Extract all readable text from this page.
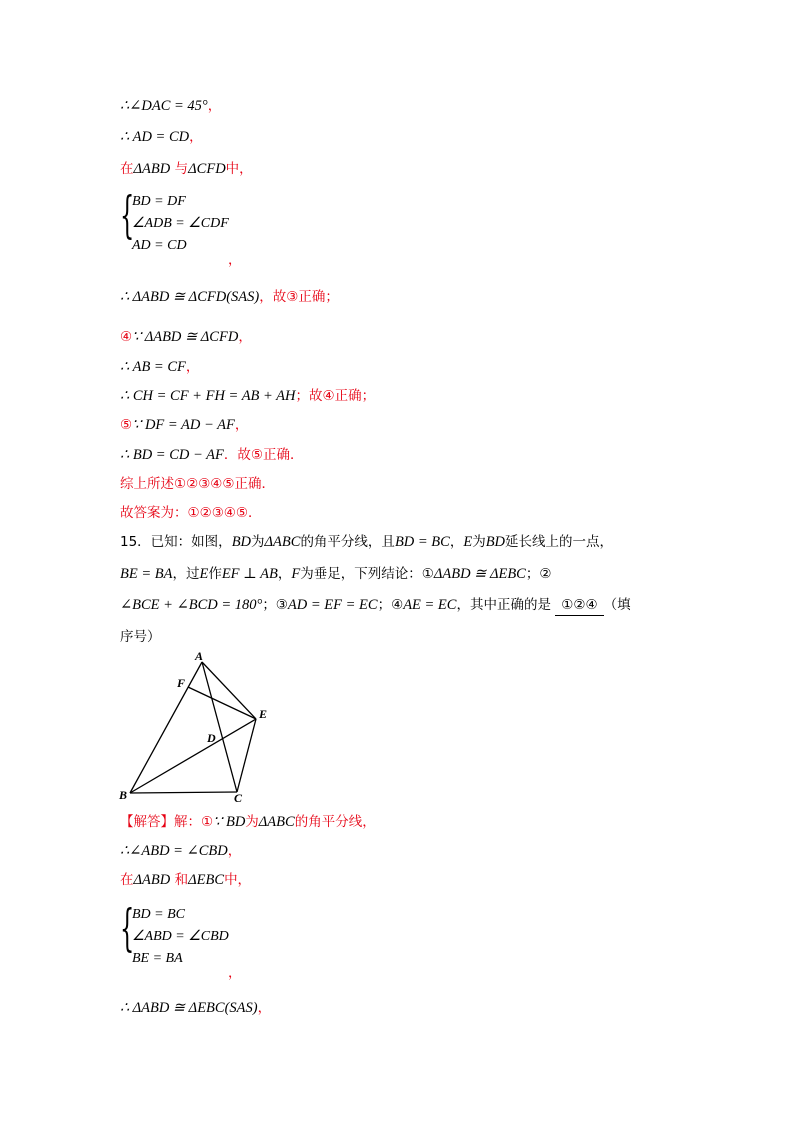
∴∠DAC = 45°，
∴ AD = CD，
在ΔABD 与ΔCFD中，
{
BD = DF
∠ADB = ∠CDF
AD = CD
，
∴ ΔABD ≅ ΔCFD(SAS)，故③正确；
④∵ ΔABD ≅ ΔCFD，
∴ AB = CF，
∴ CH = CF + FH = AB + AH；故④正确；
⑤∵ DF = AD − AF，
∴ BD = CD − AF．故⑤正确．
综上所述①②③④⑤正确．
故答案为：①②③④⑤．
15．已知：如图，BD为ΔABC的角平分线，且BD = BC，E为BD延长线上的一点，
BE = BA，过E作EF ⊥ AB，F为垂足，下列结论：①ΔABD ≅ ΔEBC；②
∠BCE + ∠BCD = 180°；③AD = EF = EC；④AE = EC，其中正确的是 ①②④ （填
序号）
A
F
E
D
B	C
【解答】解：①∵ BD为ΔABC的角平分线，
∴∠ABD = ∠CBD，
在ΔABD 和ΔEBC中，
{
BD = BC
∠ABD = ∠CBD
BE = BA
，
∴ ΔABD ≅ ΔEBC(SAS)，
